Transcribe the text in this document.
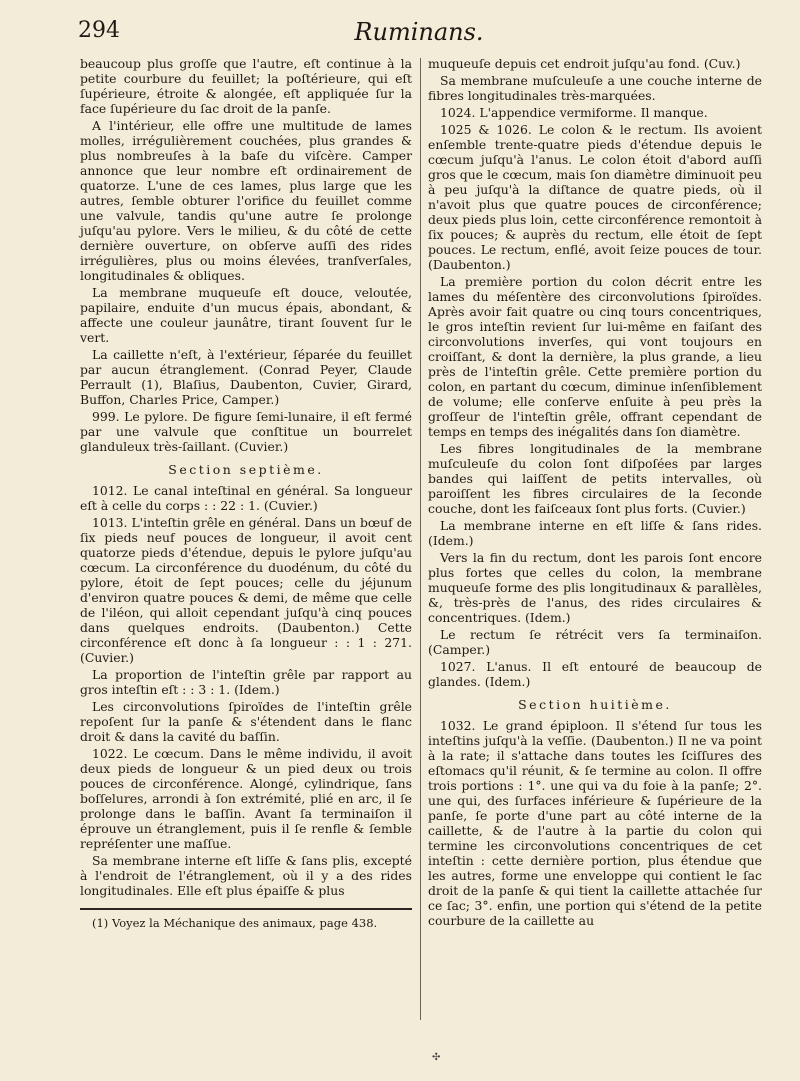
294	Ruminans.

beaucoup plus groſſe que l'autre, eſt continue à la petite courbure du feuillet; la poſtérieure, qui eſt ſupérieure, étroite & alongée, eſt appliquée ſur la face ſupérieure du ſac droit de la panſe.

A l'intérieur, elle offre une multitude de lames molles, irrégulièrement couchées, plus grandes & plus nombreuſes à la baſe du viſcère. Camper annonce que leur nombre eſt ordinairement de quatorze. L'une de ces lames, plus large que les autres, ſemble obturer l'orifice du feuillet comme une valvule, tandis qu'une autre ſe prolonge juſqu'au pylore. Vers le milieu, & du côté de cette dernière ouverture, on obſerve auſſi des rides irrégulières, plus ou moins élevées, tranſverſales, longitudinales & obliques.

La membrane muqueuſe eſt douce, veloutée, papilaire, enduite d'un mucus épais, abondant, & affecte une couleur jaunâtre, tirant ſouvent ſur le vert.

La caillette n'eſt, à l'extérieur, ſéparée du feuillet par aucun étranglement. (Conrad Peyer, Claude Perrault (1), Blaſius, Daubenton, Cuvier, Girard, Buffon, Charles Price, Camper.)

999. Le pylore. De figure ſemi-lunaire, il eſt fermé par une valvule que conſtitue un bourrelet glanduleux très-ſaillant. (Cuvier.)

Section septième.

1012. Le canal inteſtinal en général. Sa longueur eſt à celle du corps : : 22 : 1. (Cuvier.)

1013. L'inteſtin grêle en général. Dans un bœuf de ſix pieds neuf pouces de longueur, il avoit cent quatorze pieds d'étendue, depuis le pylore juſqu'au cœcum. La circonférence du duodénum, du côté du pylore, étoit de ſept pouces; celle du jéjunum d'environ quatre pouces & demi, de même que celle de l'iléon, qui alloit cependant juſqu'à cinq pouces dans quelques endroits. (Daubenton.) Cette circonférence eſt donc à ſa longueur : : 1 : 271. (Cuvier.)

La proportion de l'inteſtin grêle par rapport au gros inteſtin eſt : : 3 : 1. (Idem.)

Les circonvolutions ſpiroïdes de l'inteſtin grêle repoſent ſur la panſe & s'étendent dans le flanc droit & dans la cavité du baſſin.

1022. Le cœcum. Dans le même individu, il avoit deux pieds de longueur & un pied deux ou trois pouces de circonférence. Alongé, cylindrique, ſans boſſelures, arrondi à ſon extrémité, plié en arc, il ſe prolonge dans le baſſin. Avant ſa terminaiſon il éprouve un étranglement, puis il ſe renfle & ſemble repréſenter une maſſue.

Sa membrane interne eſt liſſe & ſans plis, excepté à l'endroit de l'étranglement, où il y a des rides longitudinales. Elle eſt plus épaiſſe & plus

(1) Voyez la Méchanique des animaux, page 438.

muqueuſe depuis cet endroit juſqu'au fond. (Cuv.)

Sa membrane muſculeuſe a une couche interne de fibres longitudinales très-marquées.

1024. L'appendice vermiforme. Il manque.

1025 & 1026. Le colon & le rectum. Ils avoient enſemble trente-quatre pieds d'étendue depuis le cœcum juſqu'à l'anus. Le colon étoit d'abord auſſi gros que le cœcum, mais ſon diamètre diminuoit peu à peu juſqu'à la diſtance de quatre pieds, où il n'avoit plus que quatre pouces de circonférence; deux pieds plus loin, cette circonférence remontoit à ſix pouces; & auprès du rectum, elle étoit de ſept pouces. Le rectum, enflé, avoit ſeize pouces de tour. (Daubenton.)

La première portion du colon décrit entre les lames du méſentère des circonvolutions ſpiroïdes. Après avoir fait quatre ou cinq tours concentriques, le gros inteſtin revient ſur lui-même en faiſant des circonvolutions inverſes, qui vont toujours en croiſſant, & dont la dernière, la plus grande, a lieu près de l'inteſtin grêle. Cette première portion du colon, en partant du cœcum, diminue inſenſiblement de volume; elle conſerve enſuite à peu près la groſſeur de l'inteſtin grêle, offrant cependant de temps en temps des inégalités dans ſon diamètre.

Les fibres longitudinales de la membrane muſculeuſe du colon ſont diſpoſées par larges bandes qui laiſſent de petits intervalles, où paroiſſent les fibres circulaires de la ſeconde couche, dont les faiſceaux ſont plus forts. (Cuvier.)

La membrane interne en eſt liſſe & ſans rides. (Idem.)

Vers la fin du rectum, dont les parois ſont encore plus fortes que celles du colon, la membrane muqueuſe forme des plis longitudinaux & parallèles, &, très-près de l'anus, des rides circulaires & concentriques. (Idem.)

Le rectum ſe rétrécit vers ſa terminaiſon. (Camper.)

1027. L'anus. Il eſt entouré de beaucoup de glandes. (Idem.)

Section huitième.

1032. Le grand épiploon. Il s'étend ſur tous les inteſtins juſqu'à la veſſie. (Daubenton.) Il ne va point à la rate; il s'attache dans toutes les ſciſſures des eſtomacs qu'il réunit, & ſe termine au colon. Il offre trois portions : 1°. une qui va du foie à la panſe; 2°. une qui, des ſurfaces inférieure & ſupérieure de la panſe, ſe porte d'une part au côté interne de la caillette, & de l'autre à la partie du colon qui termine les circonvolutions concentriques de cet inteſtin : cette dernière portion, plus étendue que les autres, forme une enveloppe qui contient le ſac droit de la panſe & qui tient la caillette attachée ſur ce ſac; 3°. enfin, une portion qui s'étend de la petite courbure de la caillette au

✣
